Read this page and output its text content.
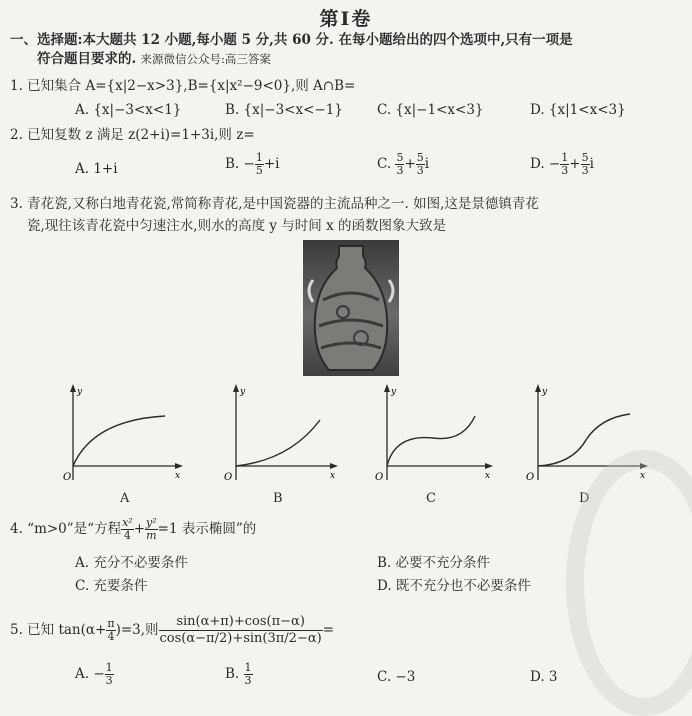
第Ⅰ卷
一、选择题:本大题共 12 小题,每小题 5 分,共 60 分. 在每小题给出的四个选项中,只有一项是
符合题目要求的. 来源微信公众号:高三答案
1. 已知集合 A={x|2−x>3},B={x|x²−9<0},则 A∩B=
A. {x|−3<x<1}	B. {x|−3<x<−1}	C. {x|−1<x<3}	D. {x|1<x<3}
2. 已知复数 z 满足 z(2+i)=1+3i,则 z=
A. 1+i	B. − $\frac{1}{5} +i$	C. $\frac{5}{3} + \frac{5}{3}$ i	D. − $\frac{1}{3} + \frac{5}{3}$ i
3. 青花瓷,又称白地青花瓷,常简称青花,是中国瓷器的主流品种之一. 如图,这是景德镇青花
瓷,现往该青花瓷中匀速注水,则水的高度 y 与时间 x 的函数图象大致是
y
x
O
y
x
O
y
x
O
y
x
O
A	B	C	D
4. “m>0”是“方程 $\frac{\text{x²}}{4} + \frac{\text{y²}}{m} =1$ 表示椭圆”的
A. 充分不必要条件	B. 必要不充分条件
C. 充要条件	D. 既不充分也不必要条件
5. 已知 $\tan(\alpha+ \frac{\pi}{4} )=3$,则 $\frac{\sin(\alpha+\pi)+\cos(\pi-\alpha)}{\cos(\alpha-\pi/2)+\sin(3\pi/2-\alpha)}$ =
A. − $\frac{1}{3}$	B. $\frac{1}{3}$	C. −3	D. 3
